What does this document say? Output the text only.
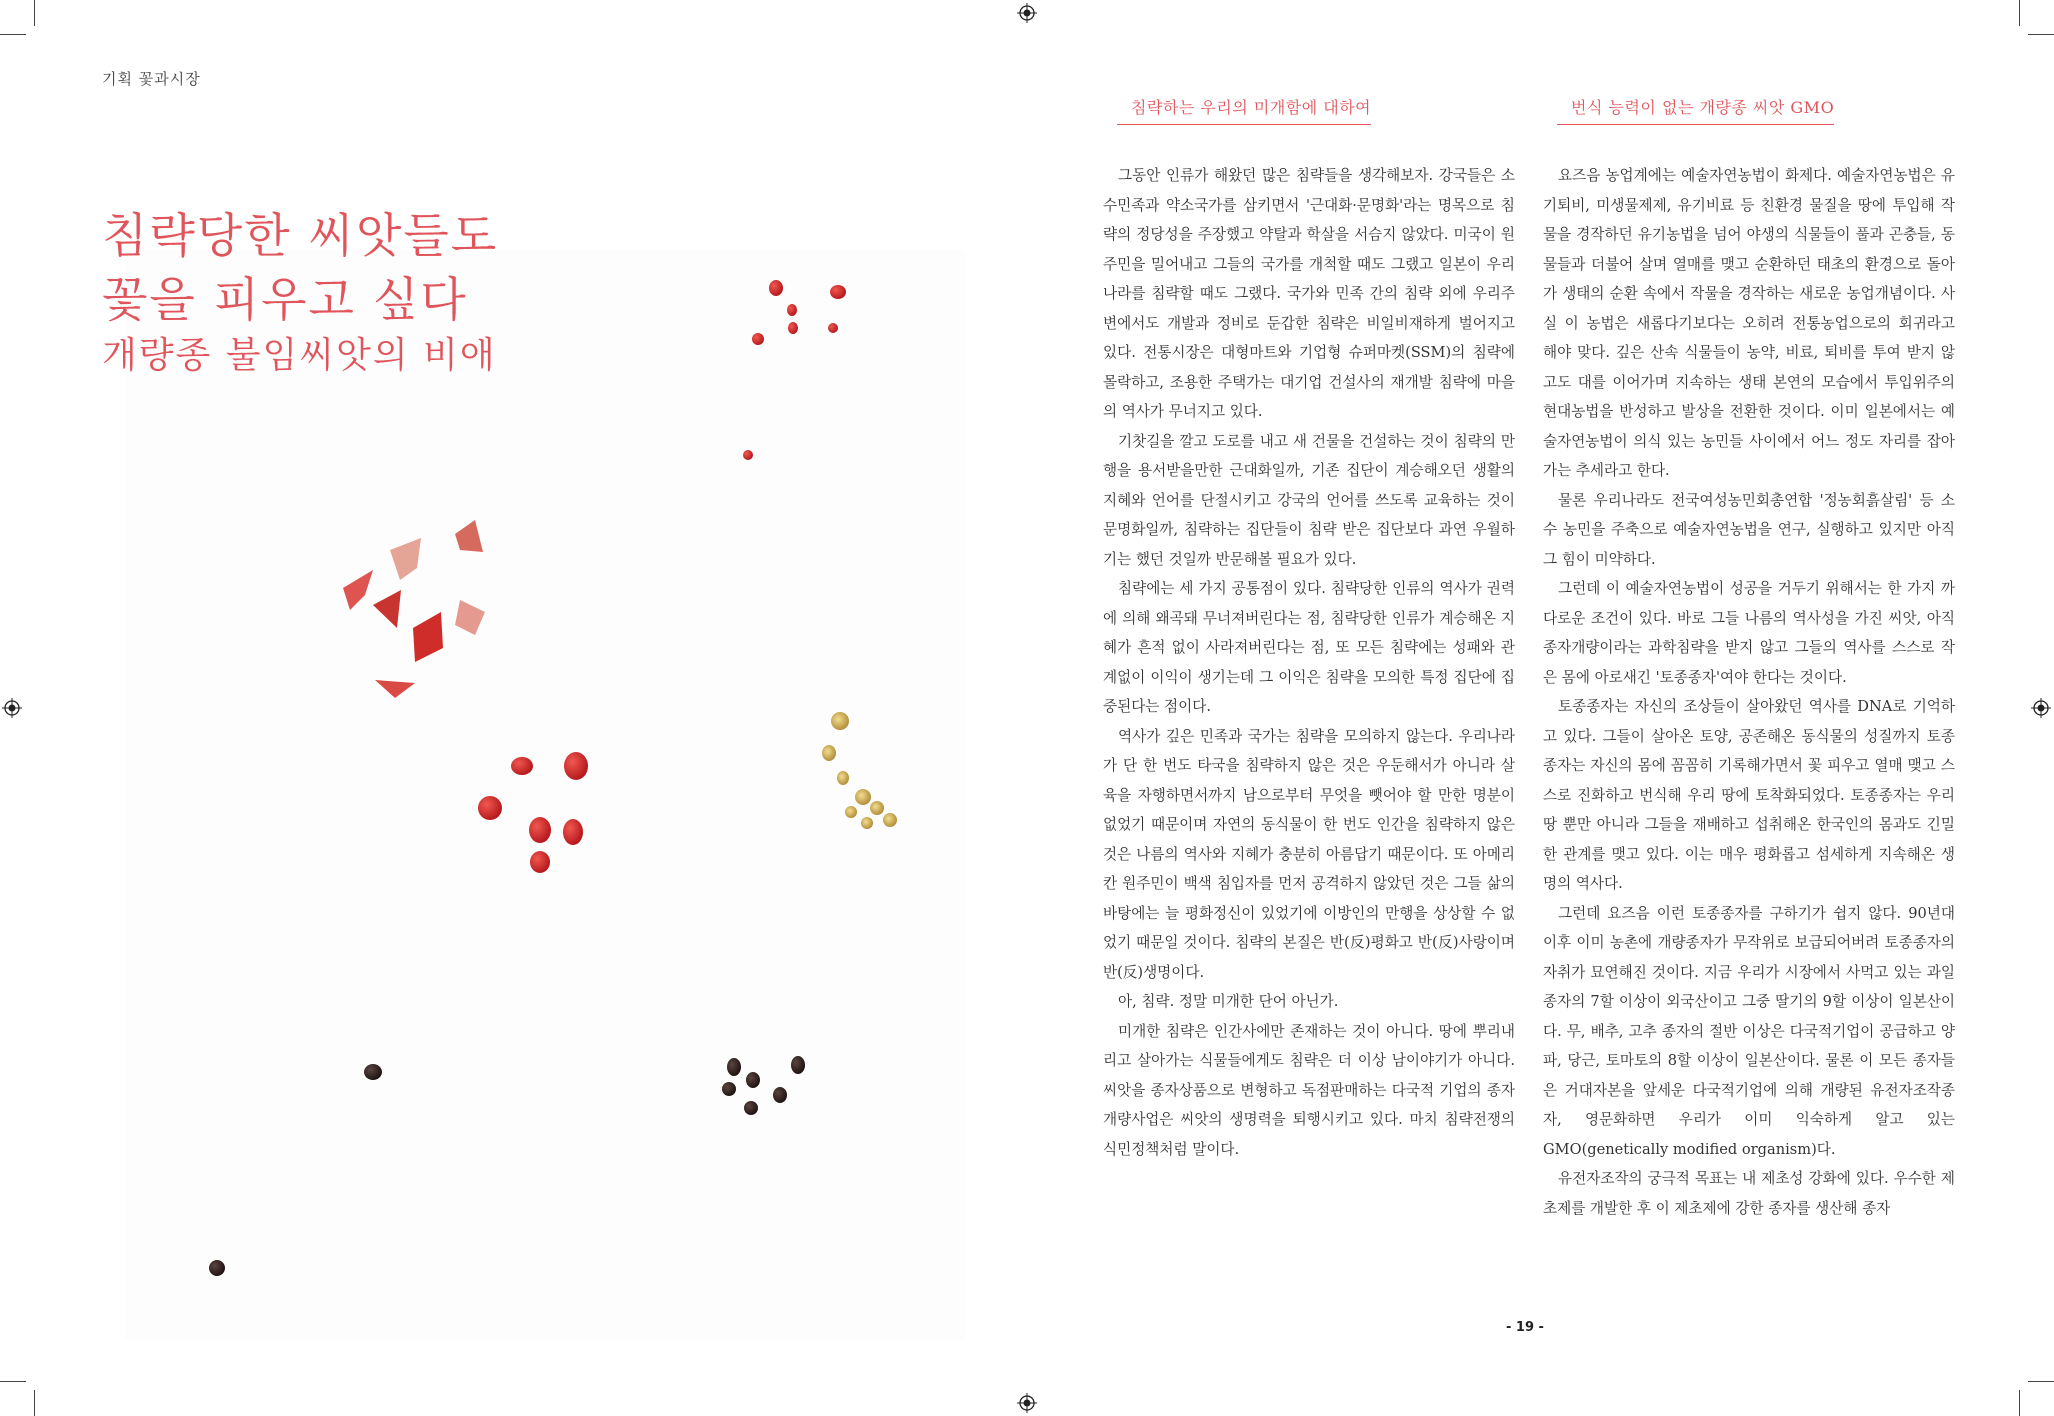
기획 꽃과시장
침략당한 씨앗들도
꽃을 피우고 싶다
개량종 불임씨앗의 비애
침략하는 우리의 미개함에 대하여

그동안 인류가 해왔던 많은 침략들을 생각해보자. 강국들은 소수민족과 약소국가를 삼키면서 '근대화·문명화'라는 명목으로 침략의 정당성을 주장했고 약탈과 학살을 서슴지 않았다. 미국이 원주민을 밀어내고 그들의 국가를 개척할 때도 그랬고 일본이 우리나라를 침략할 때도 그랬다. 국가와 민족 간의 침략 외에 우리주변에서도 개발과 정비로 둔갑한 침략은 비일비재하게 벌어지고 있다. 전통시장은 대형마트와 기업형 슈퍼마켓(SSM)의 침략에 몰락하고, 조용한 주택가는 대기업 건설사의 재개발 침략에 마을의 역사가 무너지고 있다.

기찻길을 깔고 도로를 내고 새 건물을 건설하는 것이 침략의 만행을 용서받을만한 근대화일까, 기존 집단이 계승해오던 생활의 지혜와 언어를 단절시키고 강국의 언어를 쓰도록 교육하는 것이 문명화일까, 침략하는 집단들이 침략 받은 집단보다 과연 우월하기는 했던 것일까 반문해볼 필요가 있다.

침략에는 세 가지 공통점이 있다. 침략당한 인류의 역사가 권력에 의해 왜곡돼 무너져버린다는 점, 침략당한 인류가 계승해온 지혜가 흔적 없이 사라져버린다는 점, 또 모든 침략에는 성패와 관계없이 이익이 생기는데 그 이익은 침략을 모의한 특정 집단에 집중된다는 점이다.

역사가 깊은 민족과 국가는 침략을 모의하지 않는다. 우리나라가 단 한 번도 타국을 침략하지 않은 것은 우둔해서가 아니라 살육을 자행하면서까지 남으로부터 무엇을 뺏어야 할 만한 명분이 없었기 때문이며 자연의 동식물이 한 번도 인간을 침략하지 않은 것은 나름의 역사와 지혜가 충분히 아름답기 때문이다. 또 아메리칸 원주민이 백색 침입자를 먼저 공격하지 않았던 것은 그들 삶의 바탕에는 늘 평화정신이 있었기에 이방인의 만행을 상상할 수 없었기 때문일 것이다. 침략의 본질은 반(反)평화고 반(反)사랑이며 반(反)생명이다.

아, 침략. 정말 미개한 단어 아닌가.

미개한 침략은 인간사에만 존재하는 것이 아니다. 땅에 뿌리내리고 살아가는 식물들에게도 침략은 더 이상 남이야기가 아니다. 씨앗을 종자상품으로 변형하고 독점판매하는 다국적 기업의 종자개량사업은 씨앗의 생명력을 퇴행시키고 있다. 마치 침략전쟁의 식민정책처럼 말이다.

번식 능력이 없는 개량종 씨앗 GMO

요즈음 농업계에는 예술자연농법이 화제다. 예술자연농법은 유기퇴비, 미생물제제, 유기비료 등 친환경 물질을 땅에 투입해 작물을 경작하던 유기농법을 넘어 야생의 식물들이 풀과 곤충들, 동물들과 더불어 살며 열매를 맺고 순환하던 태초의 환경으로 돌아가 생태의 순환 속에서 작물을 경작하는 새로운 농업개념이다. 사실 이 농법은 새롭다기보다는 오히려 전통농업으로의 회귀라고 해야 맞다. 깊은 산속 식물들이 농약, 비료, 퇴비를 투여 받지 않고도 대를 이어가며 지속하는 생태 본연의 모습에서 투입위주의 현대농법을 반성하고 발상을 전환한 것이다. 이미 일본에서는 예술자연농법이 의식 있는 농민들 사이에서 어느 정도 자리를 잡아가는 추세라고 한다.

물론 우리나라도 전국여성농민회총연합 '정농회흙살림' 등 소수 농민을 주축으로 예술자연농법을 연구, 실행하고 있지만 아직 그 힘이 미약하다.

그런데 이 예술자연농법이 성공을 거두기 위해서는 한 가지 까다로운 조건이 있다. 바로 그들 나름의 역사성을 가진 씨앗, 아직 종자개량이라는 과학침략을 받지 않고 그들의 역사를 스스로 작은 몸에 아로새긴 '토종종자'여야 한다는 것이다.

토종종자는 자신의 조상들이 살아왔던 역사를 DNA로 기억하고 있다. 그들이 살아온 토양, 공존해온 동식물의 성질까지 토종종자는 자신의 몸에 꼼꼼히 기록해가면서 꽃 피우고 열매 맺고 스스로 진화하고 번식해 우리 땅에 토착화되었다. 토종종자는 우리 땅 뿐만 아니라 그들을 재배하고 섭취해온 한국인의 몸과도 긴밀한 관계를 맺고 있다. 이는 매우 평화롭고 섬세하게 지속해온 생명의 역사다.

그런데 요즈음 이런 토종종자를 구하기가 쉽지 않다. 90년대 이후 이미 농촌에 개량종자가 무작위로 보급되어버려 토종종자의 자취가 묘연해진 것이다. 지금 우리가 시장에서 사먹고 있는 과일종자의 7할 이상이 외국산이고 그중 딸기의 9할 이상이 일본산이다. 무, 배추, 고추 종자의 절반 이상은 다국적기업이 공급하고 양파, 당근, 토마토의 8할 이상이 일본산이다. 물론 이 모든 종자들은 거대자본을 앞세운 다국적기업에 의해 개량된 유전자조작종자, 영문화하면 우리가 이미 익숙하게 알고 있는 GMO(genetically modified organism)다.

유전자조작의 궁극적 목표는 내 제초성 강화에 있다. 우수한 제초제를 개발한 후 이 제초제에 강한 종자를 생산해 종자

- 19 -
